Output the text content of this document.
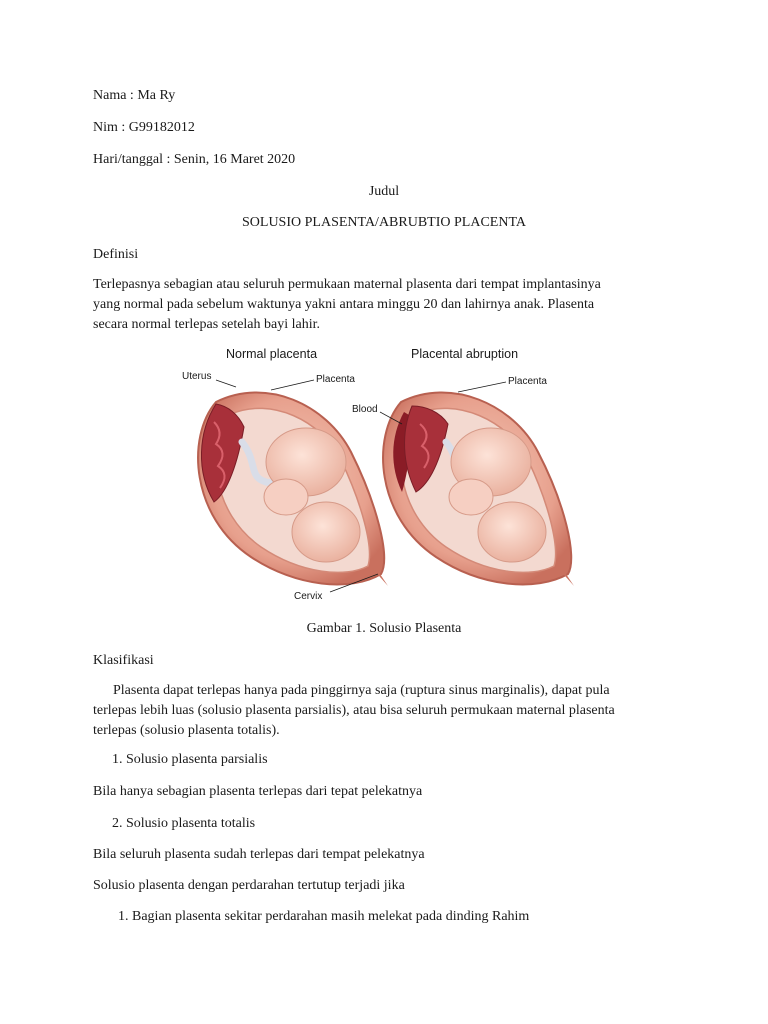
Nama : Ma Ry
Nim : G99182012
Hari/tanggal : Senin, 16 Maret 2020
Judul
SOLUSIO PLASENTA/ABRUBTIO PLACENTA
Definisi
Terlepasnya sebagian atau seluruh permukaan maternal plasenta dari tempat implantasinya
yang normal pada sebelum waktunya yakni antara minggu 20 dan lahirnya anak. Plasenta
secara normal terlepas setelah bayi lahir.
Normal placenta	Placental abruption
Uterus	Placenta	Placenta
Blood
Cervix
Gambar 1. Solusio Plasenta
Klasifikasi
Plasenta dapat terlepas hanya pada pinggirnya saja (ruptura sinus marginalis), dapat pula
terlepas lebih luas (solusio plasenta parsialis), atau bisa seluruh permukaan maternal plasenta
terlepas (solusio plasenta totalis).
1. Solusio plasenta parsialis
Bila hanya sebagian plasenta terlepas dari tepat pelekatnya
2. Solusio plasenta totalis
Bila seluruh plasenta sudah terlepas dari tempat pelekatnya
Solusio plasenta dengan perdarahan tertutup terjadi jika
1. Bagian plasenta sekitar perdarahan masih melekat pada dinding Rahim
